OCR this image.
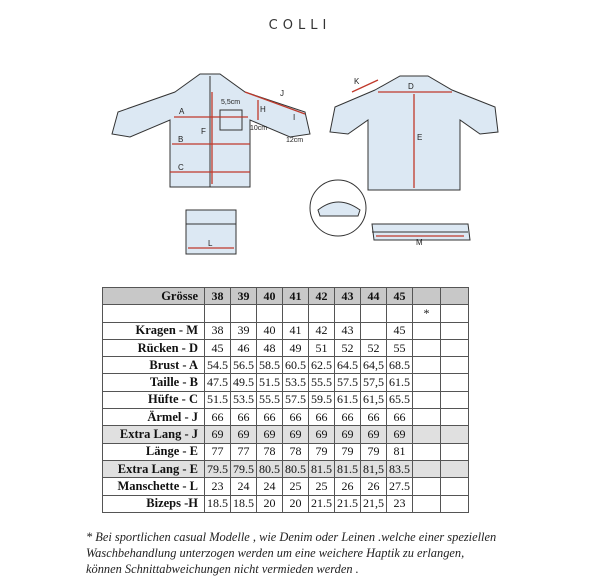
COLLI
A
B
C
F
H
I
J
5,5cm
10cm
12cm
D
E
K
L	M
Grösse	38	39	40	41	42	43	44	45		
									*	
Kragen - M	38	39	40	41	42	43		45		
Rücken - D	45	46	48	49	51	52	52	55		
Brust - A	54.5	56.5	58.5	60.5	62.5	64.5	64,5	68.5		
Taille - B	47.5	49.5	51.5	53.5	55.5	57.5	57,5	61.5		
Hüfte - C	51.5	53.5	55.5	57.5	59.5	61.5	61,5	65.5		
Ärmel - J	66	66	66	66	66	66	66	66		
Extra Lang - J	69	69	69	69	69	69	69	69		
Länge - E	77	77	78	78	79	79	79	81		
Extra Lang - E	79.5	79.5	80.5	80.5	81.5	81.5	81,5	83.5		
Manschette - L	23	24	24	25	25	26	26	27.5		
Bizeps -H	18.5	18.5	20	20	21.5	21.5	21,5	23		

* Bei sportlichen casual Modelle , wie Denim oder Leinen .welche einer speziellen

Waschbehandlung unterzogen werden um eine weichere Haptik zu erlangen,

können Schnittabweichungen nicht vermieden werden .
